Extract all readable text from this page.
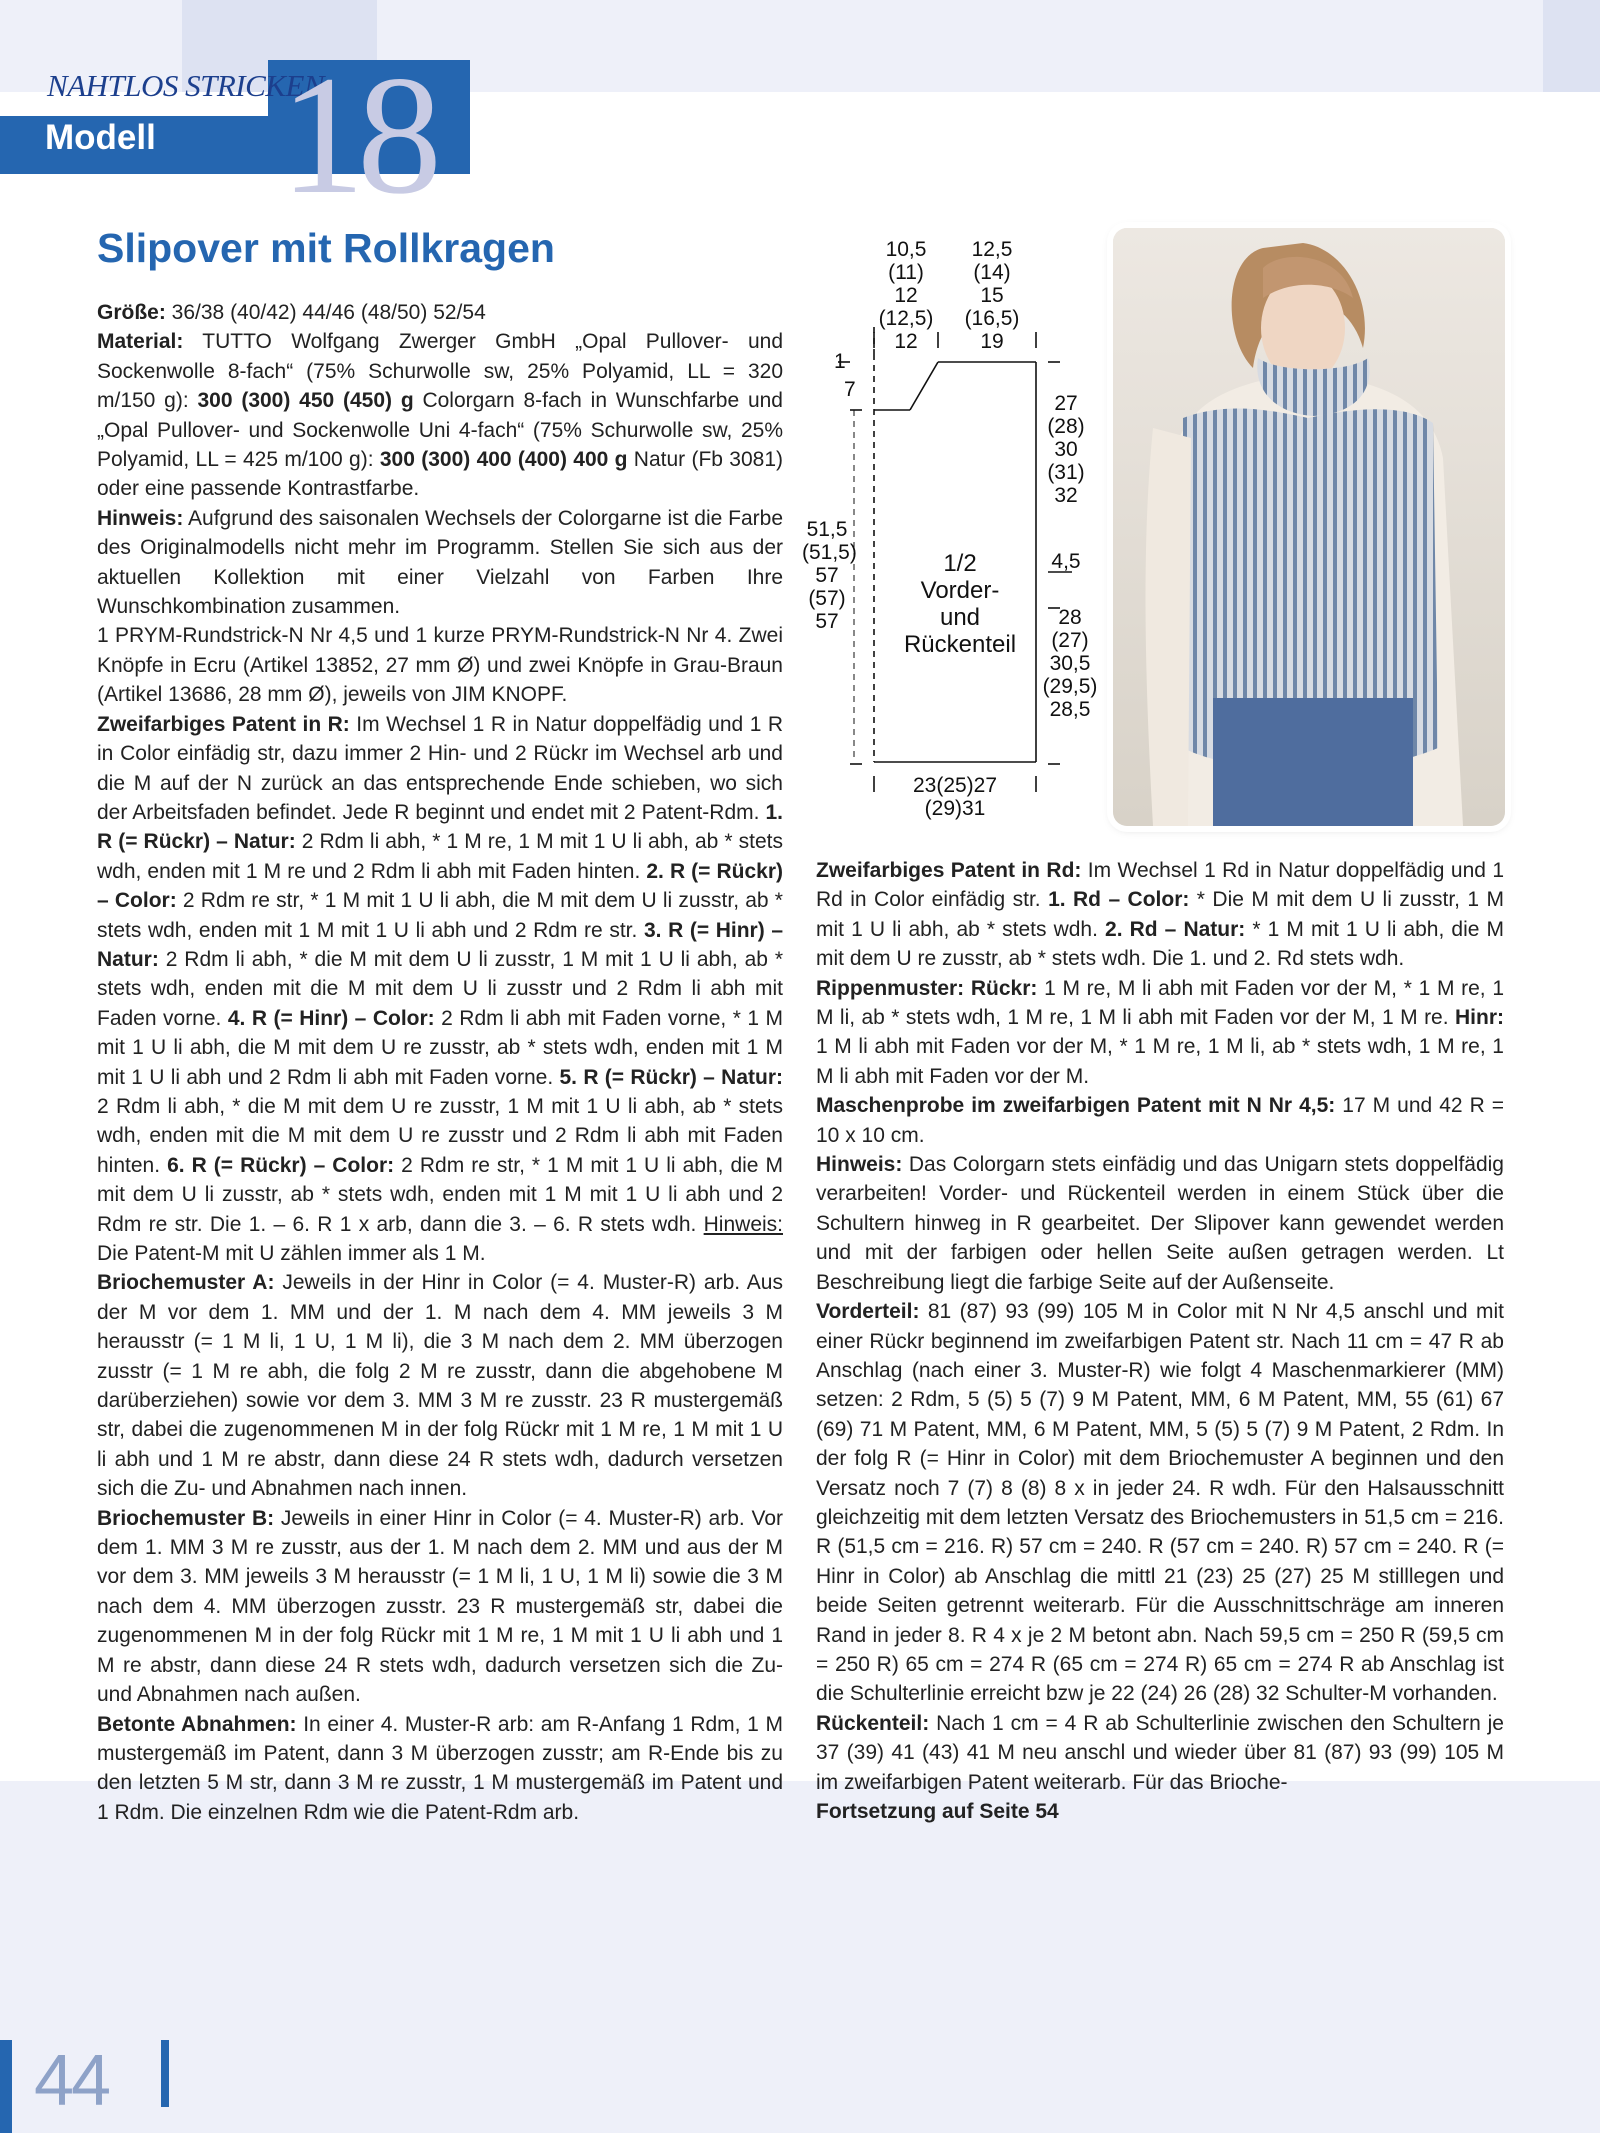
NAHTLOS STRICKEN
Modell 18
Slipover mit Rollkragen

Größe: 36/38 (40/42) 44/46 (48/50) 52/54

Material: TUTTO Wolfgang Zwerger GmbH „Opal Pullover- und Sockenwolle 8-fach“ (75% Schurwolle sw, 25% Polyamid, LL = 320 m/150 g): 300 (300) 450 (450) g Colorgarn 8-fach in Wunschfarbe und „Opal Pullover- und Sockenwolle Uni 4-fach“ (75% Schurwolle sw, 25% Polyamid, LL = 425 m/100 g): 300 (300) 400 (400) 400 g Natur (Fb 3081) oder eine passende Kontrastfarbe.

Hinweis: Aufgrund des saisonalen Wechsels der Colorgarne ist die Farbe des Originalmodells nicht mehr im Programm. Stellen Sie sich aus der aktuellen Kollektion mit einer Vielzahl von Farben Ihre Wunschkombination zusammen.

1 PRYM-Rundstrick-N Nr 4,5 und 1 kurze PRYM-Rundstrick-N Nr 4. Zwei Knöpfe in Ecru (Artikel 13852, 27 mm Ø) und zwei Knöpfe in Grau-Braun (Artikel 13686, 28 mm Ø), jeweils von JIM KNOPF.

Zweifarbiges Patent in R: Im Wechsel 1 R in Natur doppelfädig und 1 R in Color einfädig str, dazu immer 2 Hin- und 2 Rückr im Wechsel arb und die M auf der N zurück an das entsprechende Ende schieben, wo sich der Arbeitsfaden befindet. Jede R beginnt und endet mit 2 Patent-Rdm. 1. R (= Rückr) – Natur: 2 Rdm li abh, * 1 M re, 1 M mit 1 U li abh, ab * stets wdh, enden mit 1 M re und 2 Rdm li abh mit Faden hinten. 2. R (= Rückr) – Color: 2 Rdm re str, * 1 M mit 1 U li abh, die M mit dem U li zusstr, ab * stets wdh, enden mit 1 M mit 1 U li abh und 2 Rdm re str. 3. R (= Hinr) – Natur: 2 Rdm li abh, * die M mit dem U li zusstr, 1 M mit 1 U li abh, ab * stets wdh, enden mit die M mit dem U li zusstr und 2 Rdm li abh mit Faden vorne. 4. R (= Hinr) – Color: 2 Rdm li abh mit Faden vorne, * 1 M mit 1 U li abh, die M mit dem U re zusstr, ab * stets wdh, enden mit 1 M mit 1 U li abh und 2 Rdm li abh mit Faden vorne. 5. R (= Rückr) – Natur: 2 Rdm li abh, * die M mit dem U re zusstr, 1 M mit 1 U li abh, ab * stets wdh, enden mit die M mit dem U re zusstr und 2 Rdm li abh mit Faden hinten. 6. R (= Rückr) – Color: 2 Rdm re str, * 1 M mit 1 U li abh, die M mit dem U li zusstr, ab * stets wdh, enden mit 1 M mit 1 U li abh und 2 Rdm re str. Die 1. – 6. R 1 x arb, dann die 3. – 6. R stets wdh. Hinweis: Die Patent-M mit U zählen immer als 1 M.

Briochemuster A: Jeweils in der Hinr in Color (= 4. Muster-R) arb. Aus der M vor dem 1. MM und der 1. M nach dem 4. MM jeweils 3 M herausstr (= 1 M li, 1 U, 1 M li), die 3 M nach dem 2. MM überzogen zusstr (= 1 M re abh, die folg 2 M re zusstr, dann die abgehobene M darüberziehen) sowie vor dem 3. MM 3 M re zusstr. 23 R mustergemäß str, dabei die zugenommenen M in der folg Rückr mit 1 M re, 1 M mit 1 U li abh und 1 M re abstr, dann diese 24 R stets wdh, dadurch versetzen sich die Zu- und Abnahmen nach innen.

Briochemuster B: Jeweils in einer Hinr in Color (= 4. Muster-R) arb. Vor dem 1. MM 3 M re zusstr, aus der 1. M nach dem 2. MM und aus der M vor dem 3. MM jeweils 3 M herausstr (= 1 M li, 1 U, 1 M li) sowie die 3 M nach dem 4. MM überzogen zusstr. 23 R mustergemäß str, dabei die zugenommenen M in der folg Rückr mit 1 M re, 1 M mit 1 U li abh und 1 M re abstr, dann diese 24 R stets wdh, dadurch versetzen sich die Zu- und Abnahmen nach außen.

Betonte Abnahmen: In einer 4. Muster-R arb: am R-Anfang 1 Rdm, 1 M mustergemäß im Patent, dann 3 M überzogen zusstr; am R-Ende bis zu den letzten 5 M str, dann 3 M re zusstr, 1 M mustergemäß im Patent und 1 Rdm. Die einzelnen Rdm wie die Patent-Rdm arb.

Zweifarbiges Patent in Rd: Im Wechsel 1 Rd in Natur doppelfädig und 1 Rd in Color einfädig str. 1. Rd – Color: * Die M mit dem U li zusstr, 1 M mit 1 U li abh, ab * stets wdh. 2. Rd – Natur: * 1 M mit 1 U li abh, die M mit dem U re zusstr, ab * stets wdh. Die 1. und 2. Rd stets wdh.

Rippenmuster: Rückr: 1 M re, M li abh mit Faden vor der M, * 1 M re, 1 M li, ab * stets wdh, 1 M re, 1 M li abh mit Faden vor der M, 1 M re. Hinr: 1 M li abh mit Faden vor der M, * 1 M re, 1 M li, ab * stets wdh, 1 M re, 1 M li abh mit Faden vor der M.

Maschenprobe im zweifarbigen Patent mit N Nr 4,5: 17 M und 42 R = 10 x 10 cm.

Hinweis: Das Colorgarn stets einfädig und das Unigarn stets doppelfädig verarbeiten! Vorder- und Rückenteil werden in einem Stück über die Schultern hinweg in R gearbeitet. Der Slipover kann gewendet werden und mit der farbigen oder hellen Seite außen getragen werden. Lt Beschreibung liegt die farbige Seite auf der Außenseite.

Vorderteil: 81 (87) 93 (99) 105 M in Color mit N Nr 4,5 anschl und mit einer Rückr beginnend im zweifarbigen Patent str. Nach 11 cm = 47 R ab Anschlag (nach einer 3. Muster-R) wie folgt 4 Maschenmarkierer (MM) setzen: 2 Rdm, 5 (5) 5 (7) 9 M Patent, MM, 6 M Patent, MM, 55 (61) 67 (69) 71 M Patent, MM, 6 M Patent, MM, 5 (5) 5 (7) 9 M Patent, 2 Rdm. In der folg R (= Hinr in Color) mit dem Briochemuster A beginnen und den Versatz noch 7 (7) 8 (8) 8 x in jeder 24. R wdh. Für den Halsausschnitt gleichzeitig mit dem letzten Versatz des Briochemusters in 51,5 cm = 216. R (51,5 cm = 216. R) 57 cm = 240. R (57 cm = 240. R) 57 cm = 240. R (= Hinr in Color) ab Anschlag die mittl 21 (23) 25 (27) 25 M stilllegen und beide Seiten getrennt weiterarb. Für die Ausschnittschräge am inneren Rand in jeder 8. R 4 x je 2 M betont abn. Nach 59,5 cm = 250 R (59,5 cm = 250 R) 65 cm = 274 R (65 cm = 274 R) 65 cm = 274 R ab Anschlag ist die Schulterlinie erreicht bzw je 22 (24) 26 (28) 32 Schulter-M vorhanden.

Rückenteil: Nach 1 cm = 4 R ab Schulterlinie zwischen den Schultern je 37 (39) 41 (43) 41 M neu anschl und wieder über 81 (87) 93 (99) 105 M im zweifarbigen Patent weiterarb. Für das Brioche-

Fortsetzung auf Seite 54

10,5
(11)
12
(12,5)
12
12,5
(14)
15
(16,5)
19
1
7
51,5
(51,5)
57
(57)
57
27
(28)
30
(31)
32
4,5
28
(27)
30,5
(29,5)
28,5
1/2
Vorder-
und
Rückenteil
23(25)27
(29)31
44
